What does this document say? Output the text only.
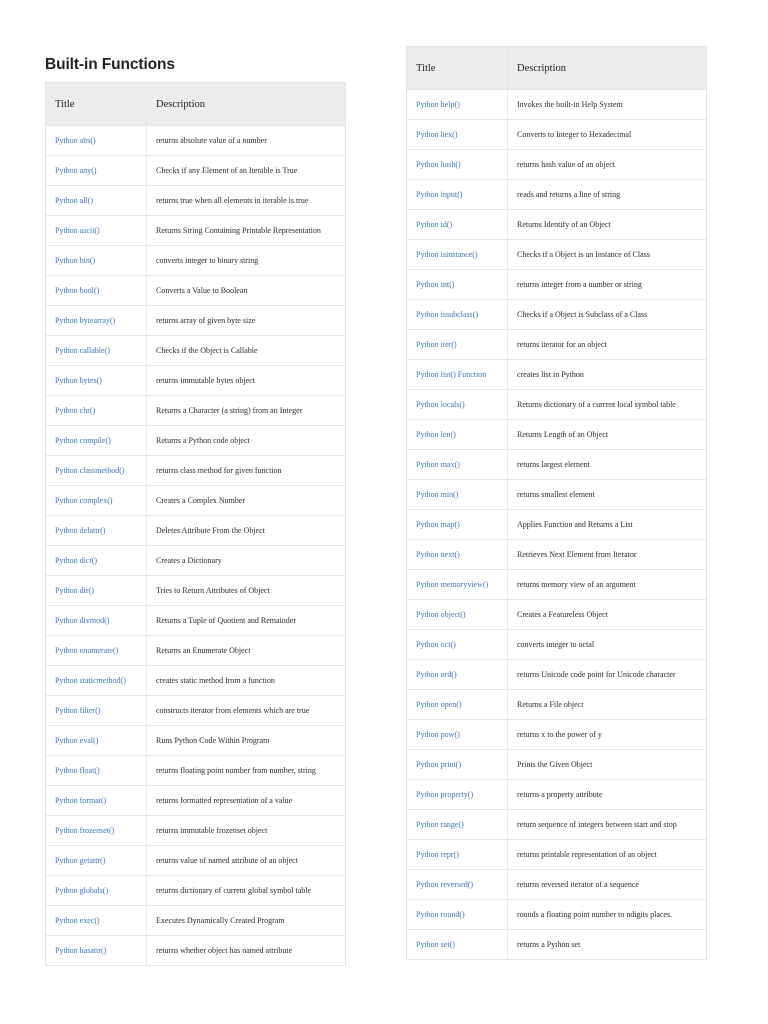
Built-in Functions
Title	Description
Python abs()	returns absolute value of a number
Python any()	Checks if any Element of an Iterable is True
Python all()	returns true when all elements in iterable is true
Python ascii()	Returns String Containing Printable Representation
Python bin()	converts integer to binary string
Python bool()	Converts a Value to Boolean
Python bytearray()	returns array of given byte size
Python callable()	Checks if the Object is Callable
Python bytes()	returns immutable bytes object
Python chr()	Returns a Character (a string) from an Integer
Python compile()	Returns a Python code object
Python classmethod()	returns class method for given function
Python complex()	Creates a Complex Number
Python delattr()	Deletes Attribute From the Object
Python dict()	Creates a Dictionary
Python dir()	Tries to Return Attributes of Object
Python divmod()	Returns a Tuple of Quotient and Remainder
Python enumerate()	Returns an Enumerate Object
Python staticmethod()	creates static method from a function
Python filter()	constructs iterator from elements which are true
Python eval()	Runs Python Code Within Program
Python float()	returns floating point number from number, string
Python format()	returns formatted representation of a value
Python frozenset()	returns immutable frozenset object
Python getattr()	returns value of named attribute of an object
Python globals()	returns dictionary of current global symbol table
Python exec()	Executes Dynamically Created Program
Python hasattr()	returns whether object has named attribute
Title	Description
Python help()	Invokes the built-in Help System
Python hex()	Converts to Integer to Hexadecimal
Python hash()	returns hash value of an object
Python input()	reads and returns a line of string
Python id()	Returns Identify of an Object
Python isinstance()	Checks if a Object is an Instance of Class
Python int()	returns integer from a number or string
Python issubclass()	Checks if a Object is Subclass of a Class
Python iter()	returns iterator for an object
Python list() Function	creates list in Python
Python locals()	Returns dictionary of a current local symbol table
Python len()	Returns Length of an Object
Python max()	returns largest element
Python min()	returns smallest element
Python map()	Applies Function and Returns a List
Python next()	Retrieves Next Element from Iterator
Python memoryview()	returns memory view of an argument
Python object()	Creates a Featureless Object
Python oct()	converts integer to octal
Python ord()	returns Unicode code point for Unicode character
Python open()	Returns a File object
Python pow()	returns x to the power of y
Python print()	Prints the Given Object
Python property()	returns a property attribute
Python range()	return sequence of integers between start and stop
Python repr()	returns printable representation of an object
Python reversed()	returns reversed iterator of a sequence
Python round()	rounds a floating point number to ndigits places.
Python set()	returns a Python set
